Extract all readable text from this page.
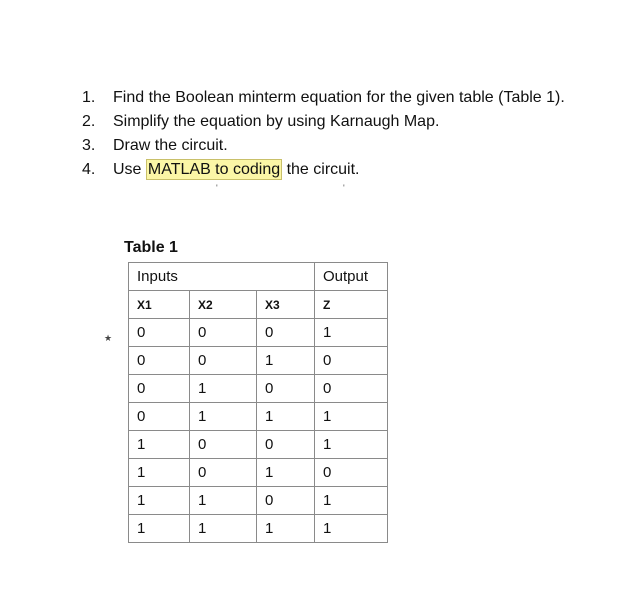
1. Find the Boolean minterm equation for the given table (Table 1).
2. Simplify the equation by using Karnaugh Map.
3. Draw the circuit.
4. Use MATLAB to coding the circuit.
'	'

Table 1

★
Inputs			Output
X1	X2	X3	Z
0	0	0	1
0	0	1	0
0	1	0	0
0	1	1	1
1	0	0	1
1	0	1	0
1	1	0	1
1	1	1	1
